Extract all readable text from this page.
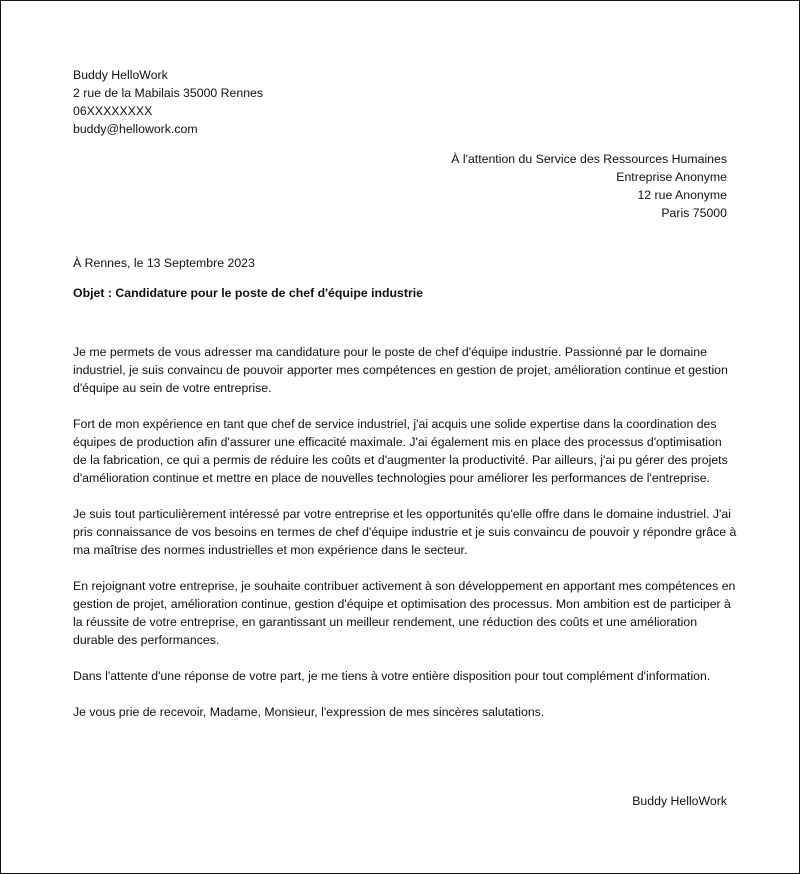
Buddy HelloWork
2 rue de la Mabilais 35000 Rennes
06XXXXXXXX
buddy@hellowork.com
À l'attention du Service des Ressources Humaines
Entreprise Anonyme
12 rue Anonyme
Paris 75000
À Rennes, le 13 Septembre 2023
Objet : Candidature pour le poste de chef d'équipe industrie

Je me permets de vous adresser ma candidature pour le poste de chef d'équipe industrie. Passionné par le domaine industriel, je suis convaincu de pouvoir apporter mes compétences en gestion de projet, amélioration continue et gestion d'équipe au sein de votre entreprise.

Fort de mon expérience en tant que chef de service industriel, j'ai acquis une solide expertise dans la coordination des équipes de production afin d'assurer une efficacité maximale. J'ai également mis en place des processus d'optimisation de la fabrication, ce qui a permis de réduire les coûts et d'augmenter la productivité. Par ailleurs, j'ai pu gérer des projets d'amélioration continue et mettre en place de nouvelles technologies pour améliorer les performances de l'entreprise.

Je suis tout particulièrement intéressé par votre entreprise et les opportunités qu'elle offre dans le domaine industriel. J'ai pris connaissance de vos besoins en termes de chef d'équipe industrie et je suis convaincu de pouvoir y répondre grâce à ma maîtrise des normes industrielles et mon expérience dans le secteur.

En rejoignant votre entreprise, je souhaite contribuer activement à son développement en apportant mes compétences en gestion de projet, amélioration continue, gestion d'équipe et optimisation des processus. Mon ambition est de participer à la réussite de votre entreprise, en garantissant un meilleur rendement, une réduction des coûts et une amélioration durable des performances.

Dans l'attente d'une réponse de votre part, je me tiens à votre entière disposition pour tout complément d'information.

Je vous prie de recevoir, Madame, Monsieur, l'expression de mes sincères salutations.

Buddy HelloWork
